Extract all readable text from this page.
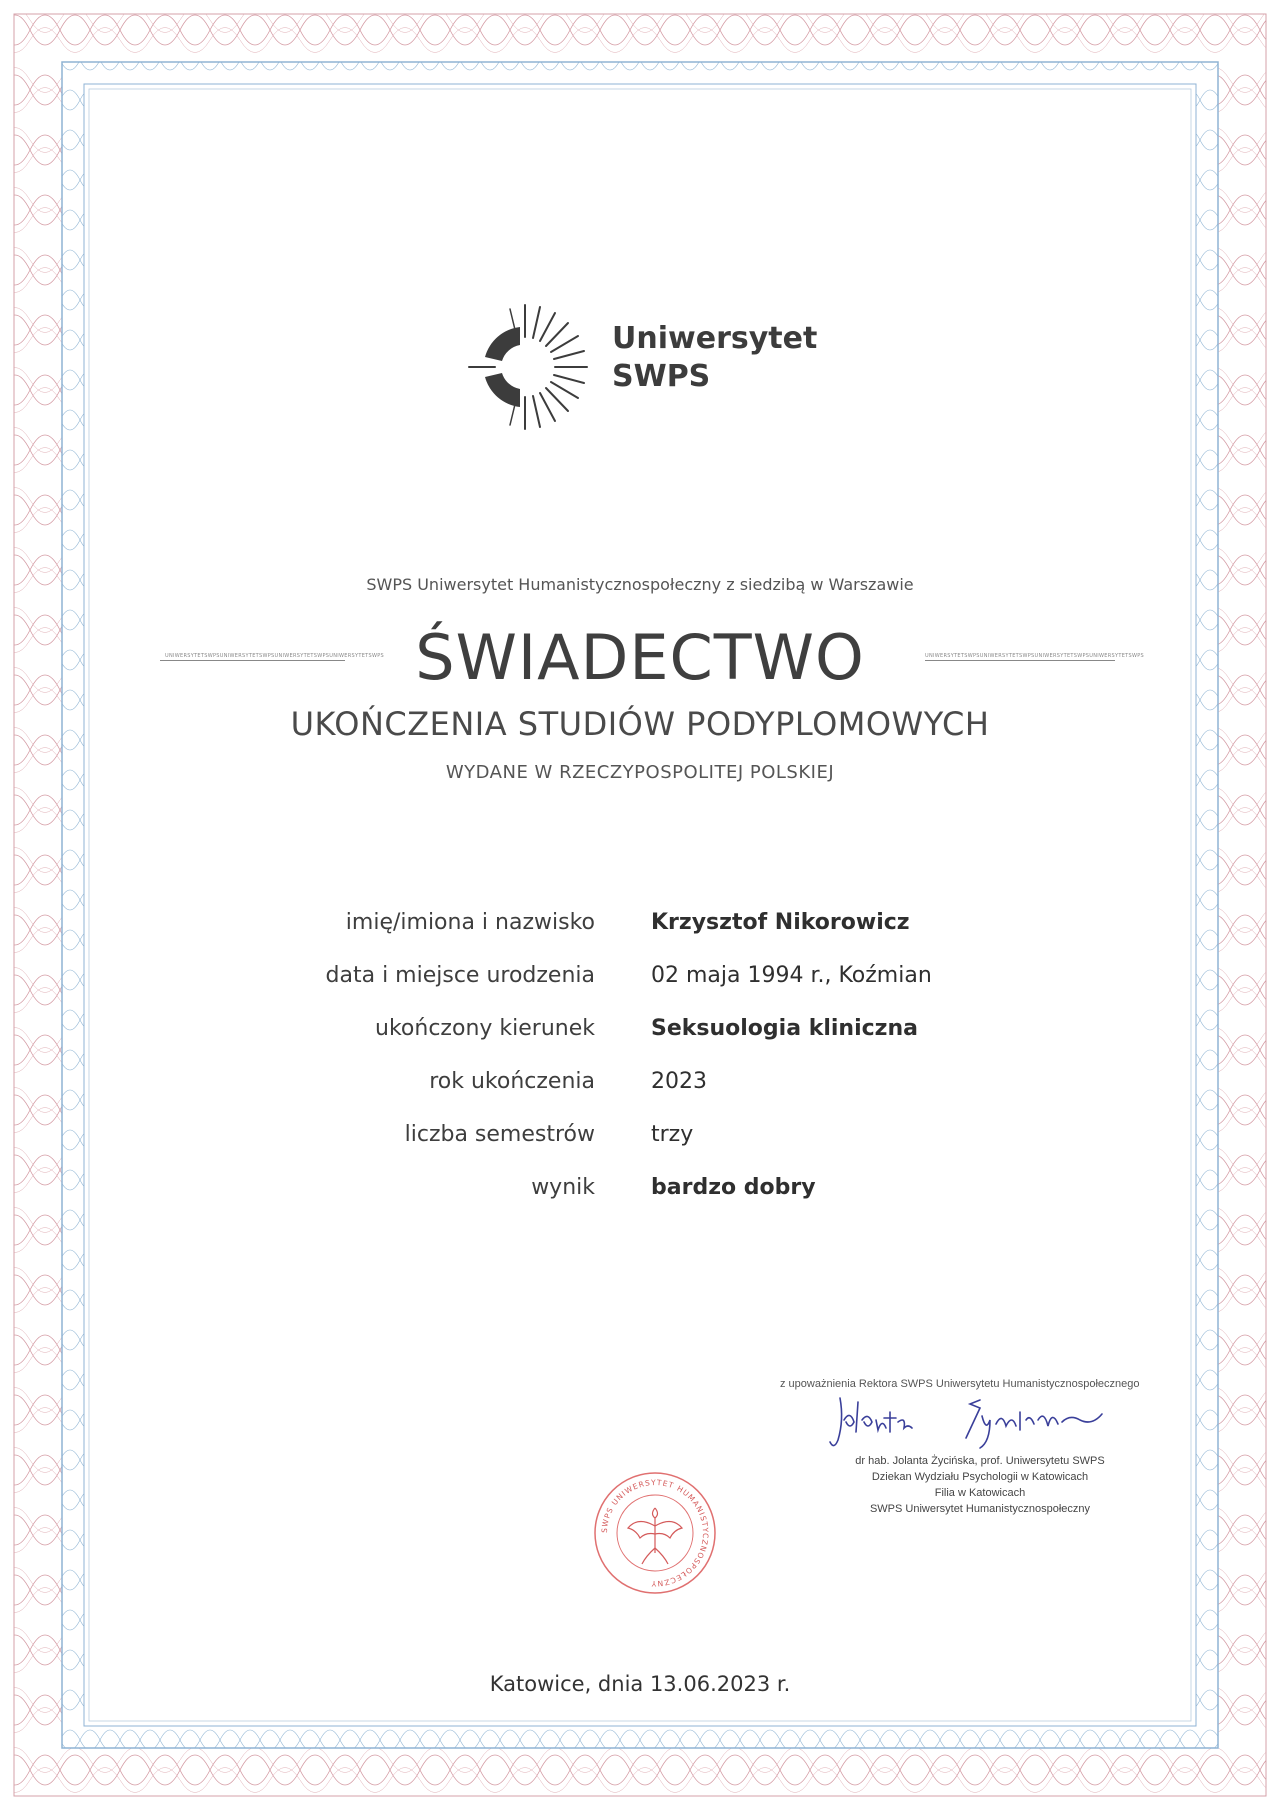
Uniwersytet
SWPS
SWPS Uniwersytet Humanistycznospołeczny z siedzibą w Warszawie
UNIWERSYTETSWPSUNIWERSYTETSWPSUNIWERSYTETSWPSUNIWERSYTETSWPS ŚWIADECTWO	UNIWERSYTETSWPSUNIWERSYTETSWPSUNIWERSYTETSWPSUNIWERSYTETSWPS
UKOŃCZENIA STUDIÓW PODYPLOMOWYCH
WYDANE W RZECZYPOSPOLITEJ POLSKIEJ
imię/imiona i nazwisko	Krzysztof Nikorowicz
data i miejsce urodzenia	02 maja 1994 r., Koźmian
ukończony kierunek	Seksuologia kliniczna
rok ukończenia	2023
liczba semestrów	trzy
wynik	bardzo dobry
z upoważnienia Rektora SWPS Uniwersytetu Humanistycznospołecznego
dr hab. Jolanta Życińska, prof. Uniwersytetu SWPS
Dziekan Wydziału Psychologii w Katowicach
Filia w Katowicach
SWPS Uniwersytet Humanistycznospołeczny
SWPS UNIWERSYTET HUMANISTYCZNOSPOŁECZNY
Katowice, dnia 13.06.2023 r.
